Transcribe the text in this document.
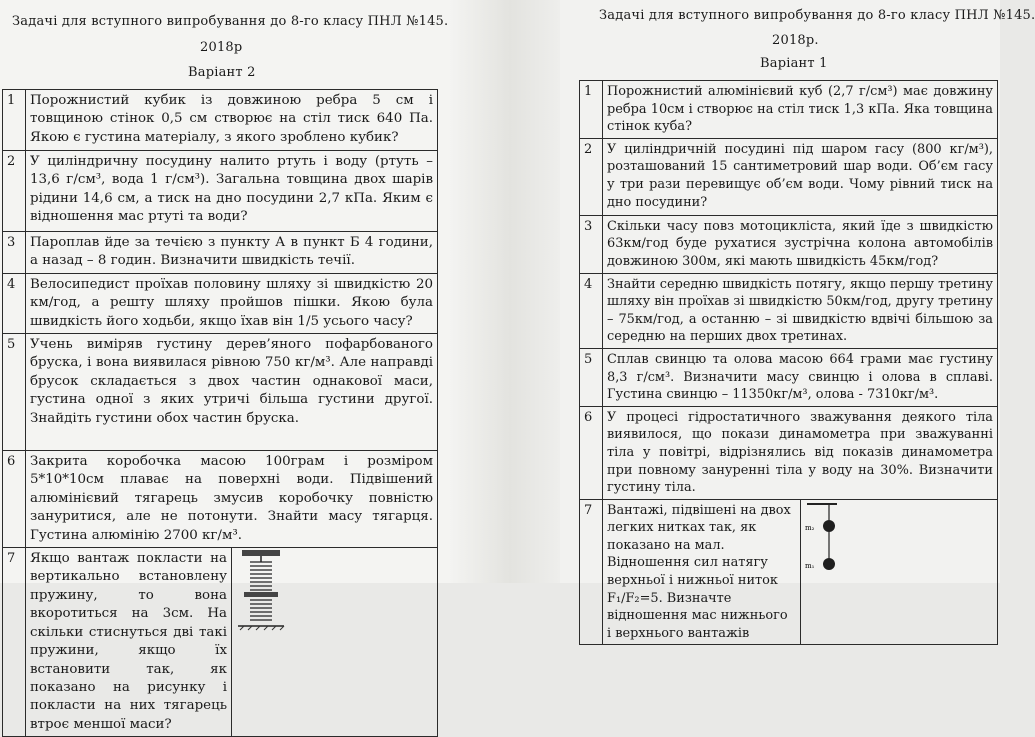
Задачі для вступного випробування до 8-го класу ПНЛ №145.
2018р
Варіант 2
1	Порожнистий кубик із довжиною ребра 5 см і товщиною стінок 0,5 см створює на стіл тиск 640 Па. Якою є густина матеріалу, з якого зроблено кубик?	
2	У циліндричну посудину налито ртуть і воду (ртуть – 13,6 г/см³, вода 1 г/см³). Загальна товщина двох шарів рідини 14,6 см, а тиск на дно посудини 2,7 кПа. Яким є відношення мас ртуті та води?	
3	Пароплав йде за течією з пункту А в пункт Б 4 години, а назад – 8 годин. Визначити швидкість течії.	
4	Велосипедист проїхав половину шляху зі швидкістю 20 км/год, а решту шляху пройшов пішки. Якою була швидкість його ходьби, якщо їхав він 1/5 усього часу?	
5	Учень виміряв густину дерев’яного пофарбованого бруска, і вона виявилася рівною 750 кг/м³. Але направді брусок складається з двох частин однакової маси, густина одної з яких утричі більша густини другої. Знайдіть густини обох частин бруска.	
6	Закрита коробочка масою 100грам і розміром 5*10*10см плаває на поверхні води. Підвішений алюмінієвий тягарець змусив коробочку повністю зануритися, але не потонути. Знайти масу тягарця. Густина алюмінію 2700 кг/м³.	
7	Якщо вантаж покласти на вертикально встановлену пружину, то вона вкоротиться на 3см. На скільки стиснуться дві такі пружини, якщо їх встановити так, як показано на рисунку і покласти на них тягарець втроє меншої маси?	
Задачі для вступного випробування до 8-го класу ПНЛ №145.
2018р.
Варіант 1
1	Порожнистий алюмінієвий куб (2,7 г/см³) має довжину ребра 10см і створює на стіл тиск 1,3 кПа. Яка товщина стінок куба?	
2	У циліндричній посудині під шаром гасу (800 кг/м³), розташований 15 сантиметровий шар води. Об’єм гасу у три рази перевищує об’єм води. Чому рівний тиск на дно посудини?	
3	Скільки часу повз мотоцикліста, який їде з швидкістю 63км/год буде рухатися зустрічна колона автомобілів довжиною 300м, які мають швидкість 45км/год?	
4	Знайти середню швидкість потягу, якщо першу третину шляху він проїхав зі швидкістю 50км/год, другу третину – 75км/год, а останню – зі швидкістю вдвічі більшою за середню на перших двох третинах.	
5	Сплав свинцю та олова масою 664 грами має густину 8,3 г/см³. Визначити масу свинцю і олова в сплаві. Густина свинцю – 11350кг/м³, олова - 7310кг/м³.	
6	У процесі гідростатичного зважування деякого тіла виявилося, що покази динамометра при зважуванні тіла у повітрі, відрізнялись від показів динамометра при повному зануренні тіла у воду на 30%. Визначити густину тіла.	
7	Вантажі, підвішені на двох легких нитках так, як показано на мал. Відношення сил натягу верхньої і нижньої ниток F₁/F₂=5. Визначте відношення мас нижнього і верхнього вантажів	m₂
m₁
